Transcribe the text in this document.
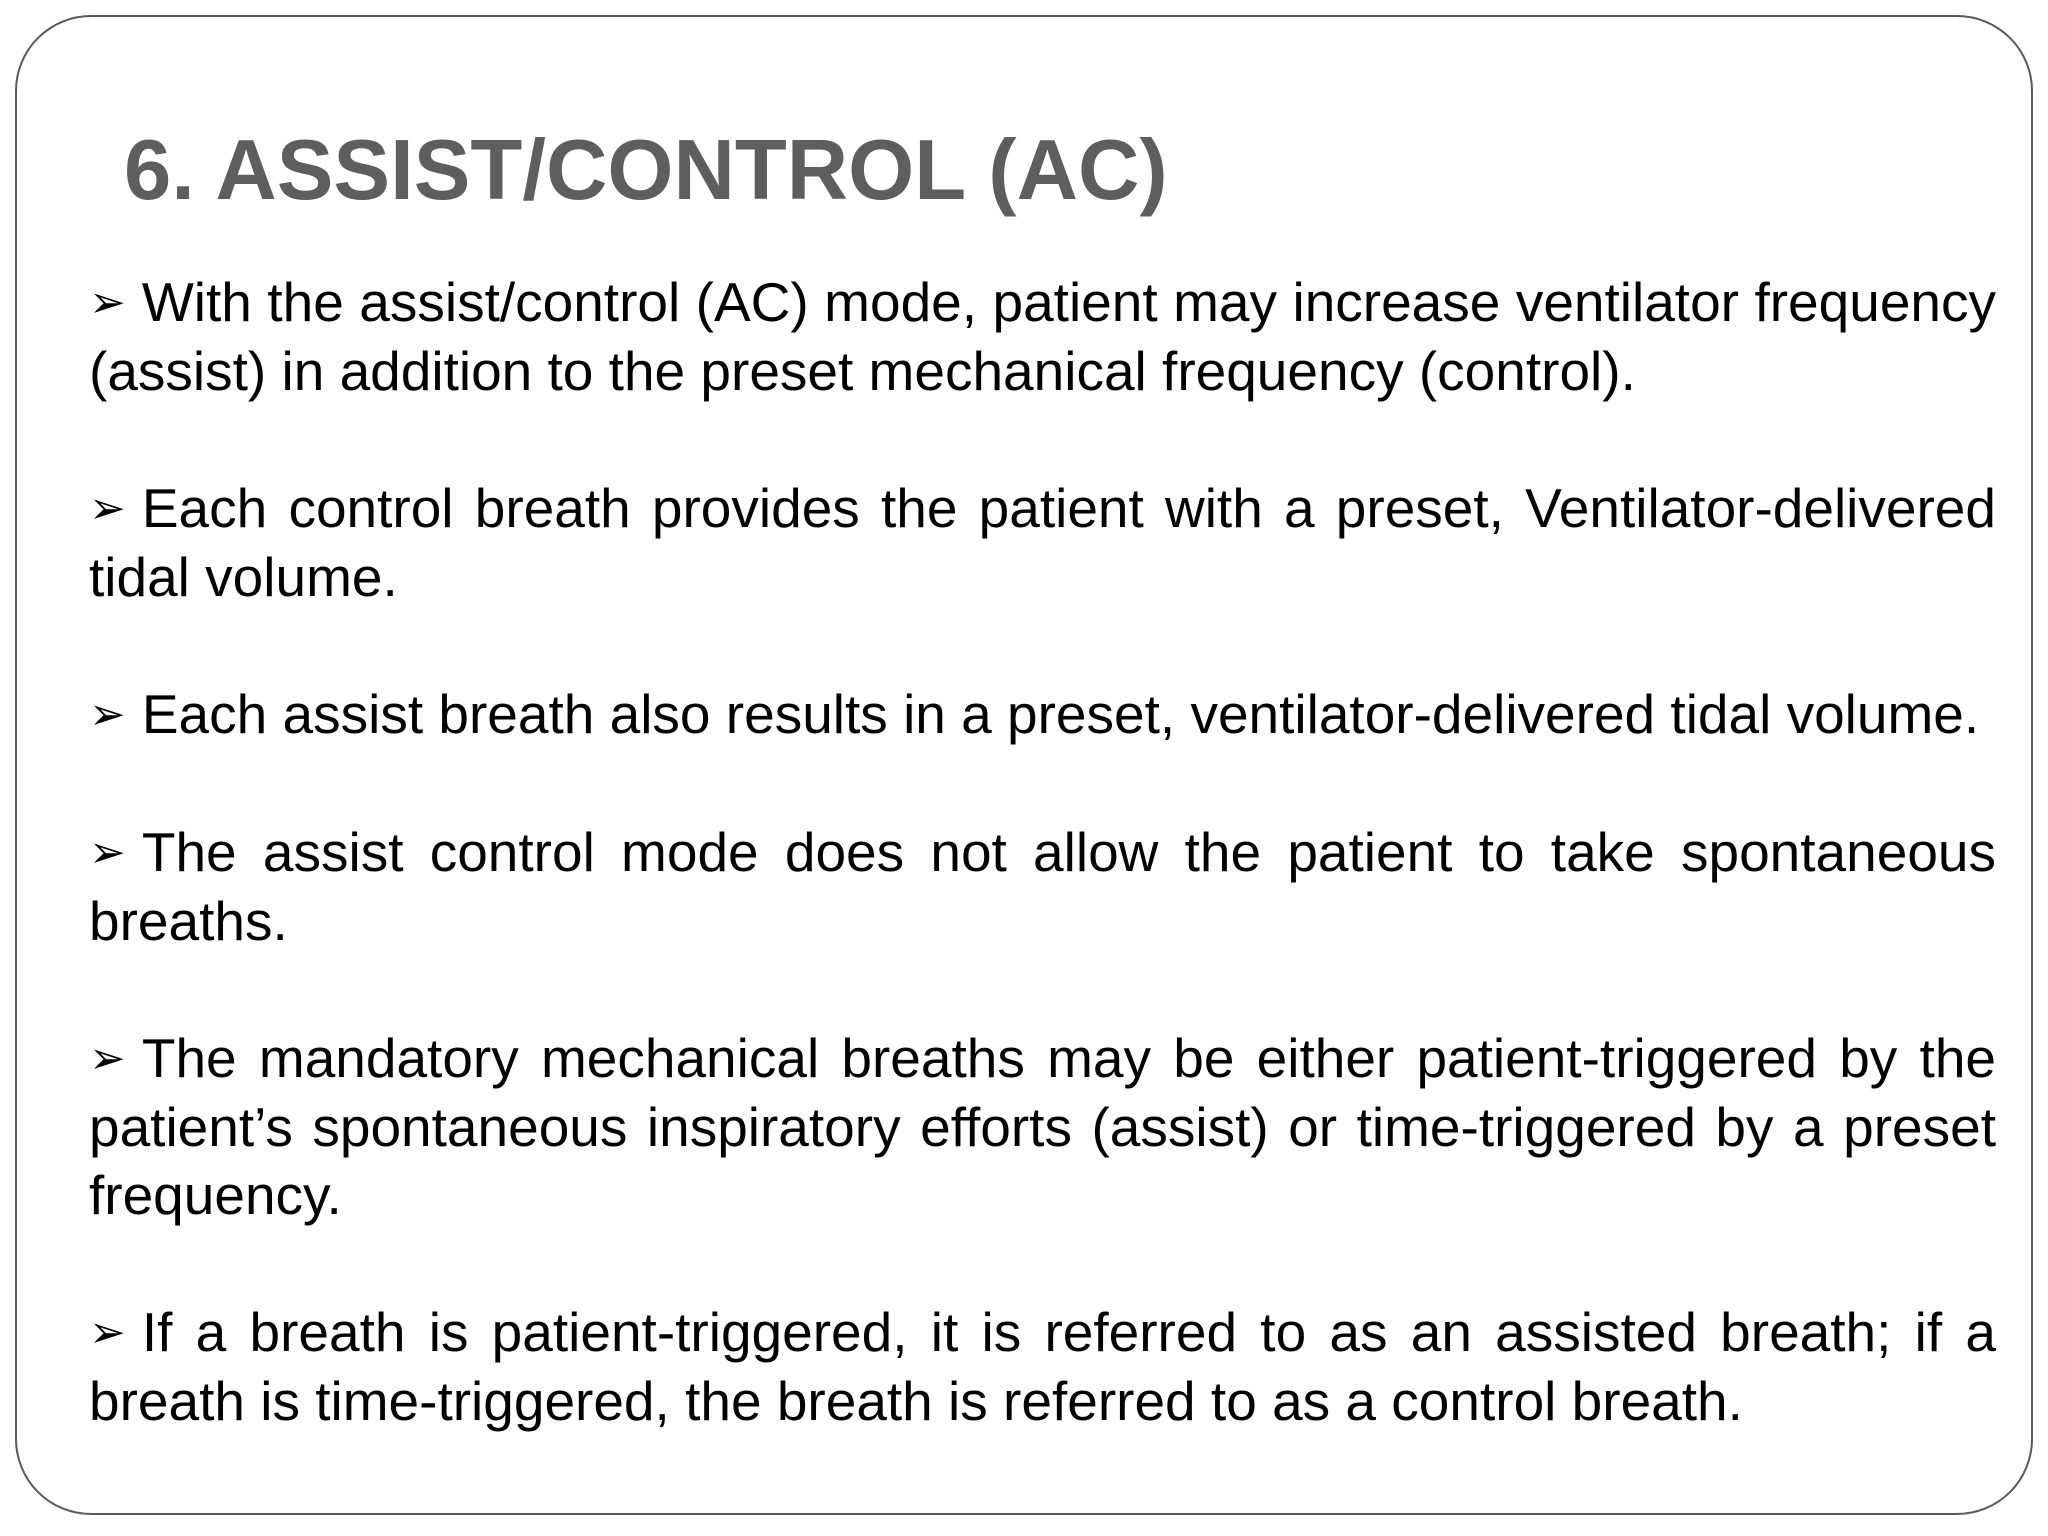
6. ASSIST/CONTROL (AC)
➢ With the assist/control (AC) mode, patient may increase ventilator frequency (assist) in addition to the preset mechanical frequency (control).
➢ Each control breath provides the patient with a preset, Ventilator-delivered tidal volume.
➢ Each assist breath also results in a preset, ventilator-delivered tidal volume.
➢ The assist control mode does not allow the patient to take spontaneous breaths.
➢ The mandatory mechanical breaths may be either patient-triggered by the patient’s spontaneous inspiratory efforts (assist) or time-triggered by a preset frequency.
➢ If a breath is patient-triggered, it is referred to as an assisted breath; if a breath is time-triggered, the breath is referred to as a control breath.
